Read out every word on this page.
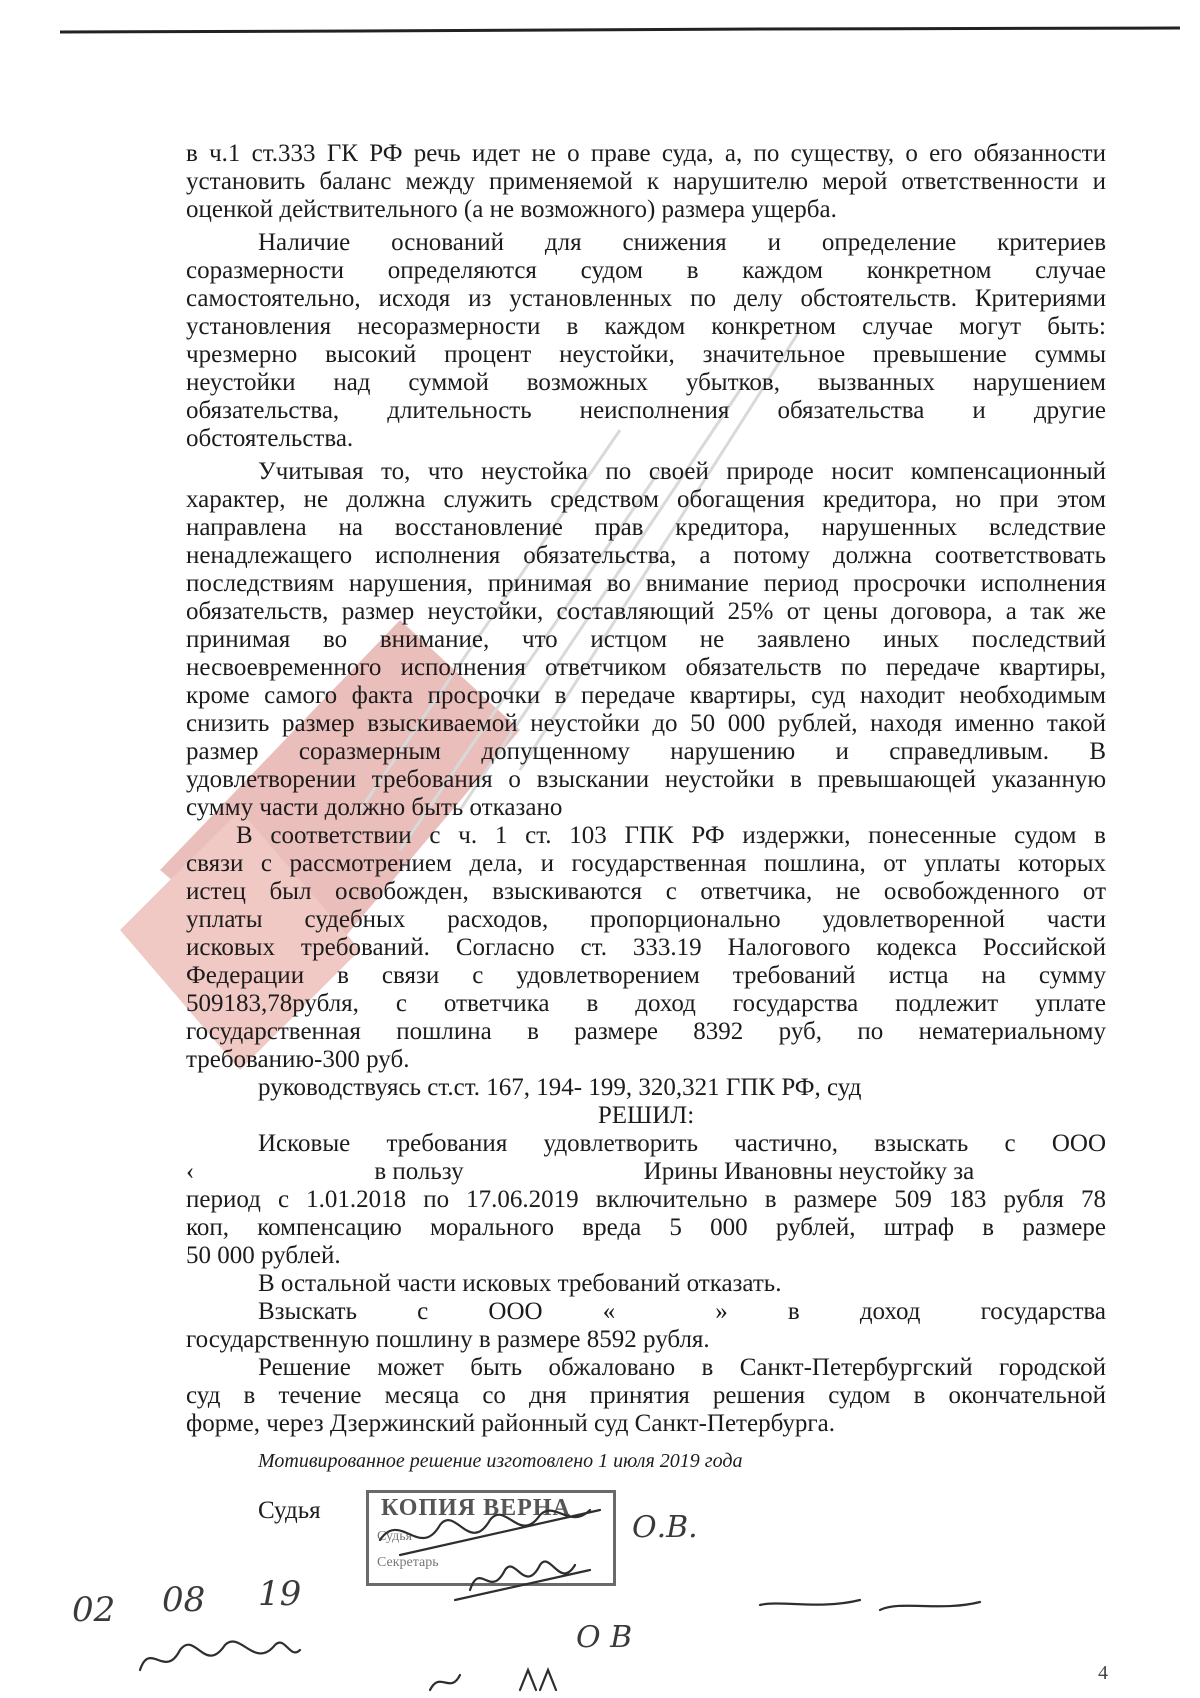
в ч.1 ст.333 ГК РФ речь идет не о праве суда, а, по существу, о его обязанности

установить баланс между применяемой к нарушителю мерой ответственности и

оценкой действительного (а не возможного) размера ущерба.

Наличие оснований для снижения и определение критериев

соразмерности определяются судом в каждом конкретном случае

самостоятельно, исходя из установленных по делу обстоятельств. Критериями

установления несоразмерности в каждом конкретном случае могут быть:

чрезмерно высокий процент неустойки, значительное превышение суммы

неустойки над суммой возможных убытков, вызванных нарушением

обязательства, длительность неисполнения обязательства и другие

обстоятельства.

Учитывая то, что неустойка по своей природе носит компенсационный

характер, не должна служить средством обогащения кредитора, но при этом

направлена на восстановление прав кредитора, нарушенных вследствие

ненадлежащего исполнения обязательства, а потому должна соответствовать

последствиям нарушения, принимая во внимание период просрочки исполнения

обязательств, размер неустойки, составляющий 25% от цены договора, а так же

принимая во внимание, что истцом не заявлено иных последствий

несвоевременного исполнения ответчиком обязательств по передаче квартиры,

кроме самого факта просрочки в передаче квартиры, суд находит необходимым

снизить размер взыскиваемой неустойки до 50 000 рублей, находя именно такой

размер соразмерным допущенному нарушению и справедливым. В

удовлетворении требования о взыскании неустойки в превышающей указанную

сумму части должно быть отказано

В соответствии с ч. 1 ст. 103 ГПК РФ издержки, понесенные судом в

связи с рассмотрением дела, и государственная пошлина, от уплаты которых

истец был освобожден, взыскиваются с ответчика, не освобожденного от

уплаты судебных расходов, пропорционально удовлетворенной части

исковых требований. Согласно ст. 333.19 Налогового кодекса Российской

Федерации в связи с удовлетворением требований истца на сумму

509183,78рубля, с ответчика в доход государства подлежит уплате

государственная пошлина в размере 8392 руб, по нематериальному

требованию-300 руб.

руководствуясь ст.ст. 167, 194- 199, 320,321 ГПК РФ, суд

РЕШИЛ:

Исковые требования удовлетворить частично, взыскать с ООО

‹	в пользу	Ирины Ивановны неустойку за

период с 1.01.2018 по 17.06.2019 включительно в размере 509 183 рубля 78

коп, компенсацию морального вреда 5 000 рублей, штраф в размере

50 000 рублей.

В остальной части исковых требований отказать.

Взыскать с ООО «	» в доход государства

государственную пошлину в размере 8592 рубля.

Решение может быть обжаловано в Санкт-Петербургский городской

суд в течение месяца со дня принятия решения судом в окончательной

форме, через Дзержинский районный суд Санкт-Петербурга.

Мотивированное решение изготовлено 1 июля 2019 года
Судья	КОПИЯ ВЕРНА
Судья
Секретарь
О.В.
О В
02 08 19
4
